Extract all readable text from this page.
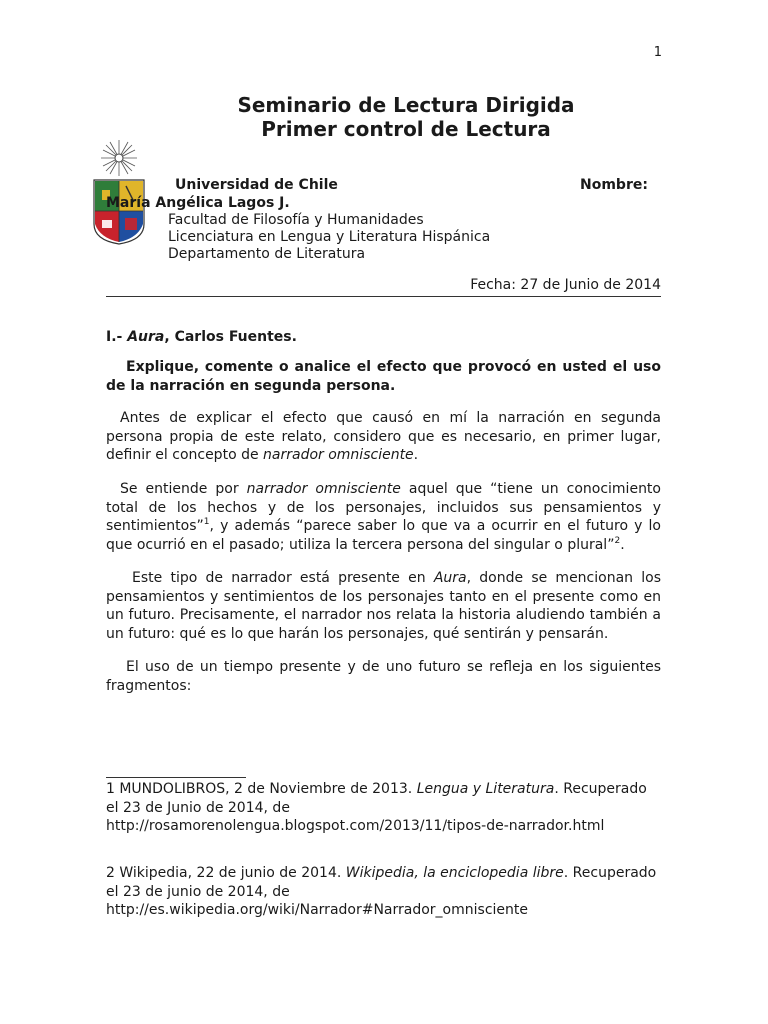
1
Seminario de Lectura Dirigida
Primer control de Lectura
Universidad de Chile	Nombre:
María Angélica Lagos J.
Facultad de Filosofía y Humanidades
Licenciatura en Lengua y Literatura Hispánica
Departamento de Literatura
Fecha: 27 de Junio de 2014
I.- Aura, Carlos Fuentes.
Explique, comente o analice el efecto que provocó en usted el uso de la narración en segunda persona.
Antes de explicar el efecto que causó en mí la narración en segunda persona propia de este relato, considero que es necesario, en primer lugar, definir el concepto de narrador omnisciente.
Se entiende por narrador omnisciente aquel que “tiene un conocimiento total de los hechos y de los personajes, incluidos sus pensamientos y sentimientos”$^1$, y además “parece saber lo que va a ocurrir en el futuro y lo que ocurrió en el pasado; utiliza la tercera persona del singular o plural”$^2$.
Este tipo de narrador está presente en Aura, donde se mencionan los pensamientos y sentimientos de los personajes tanto en el presente como en un futuro. Precisamente, el narrador nos relata la historia aludiendo también a un futuro: qué es lo que harán los personajes, qué sentirán y pensarán.
El uso de un tiempo presente y de uno futuro se refleja en los siguientes fragmentos:
1 MUNDOLIBROS, 2 de Noviembre de 2013. Lengua y Literatura. Recuperado el 23 de Junio de 2014, de http://rosamorenolengua.blogspot.com/2013/11/tipos-de-narrador.html
2 Wikipedia, 22 de junio de 2014. Wikipedia, la enciclopedia libre. Recuperado el 23 de junio de 2014, de
http://es.wikipedia.org/wiki/Narrador#Narrador_omnisciente
